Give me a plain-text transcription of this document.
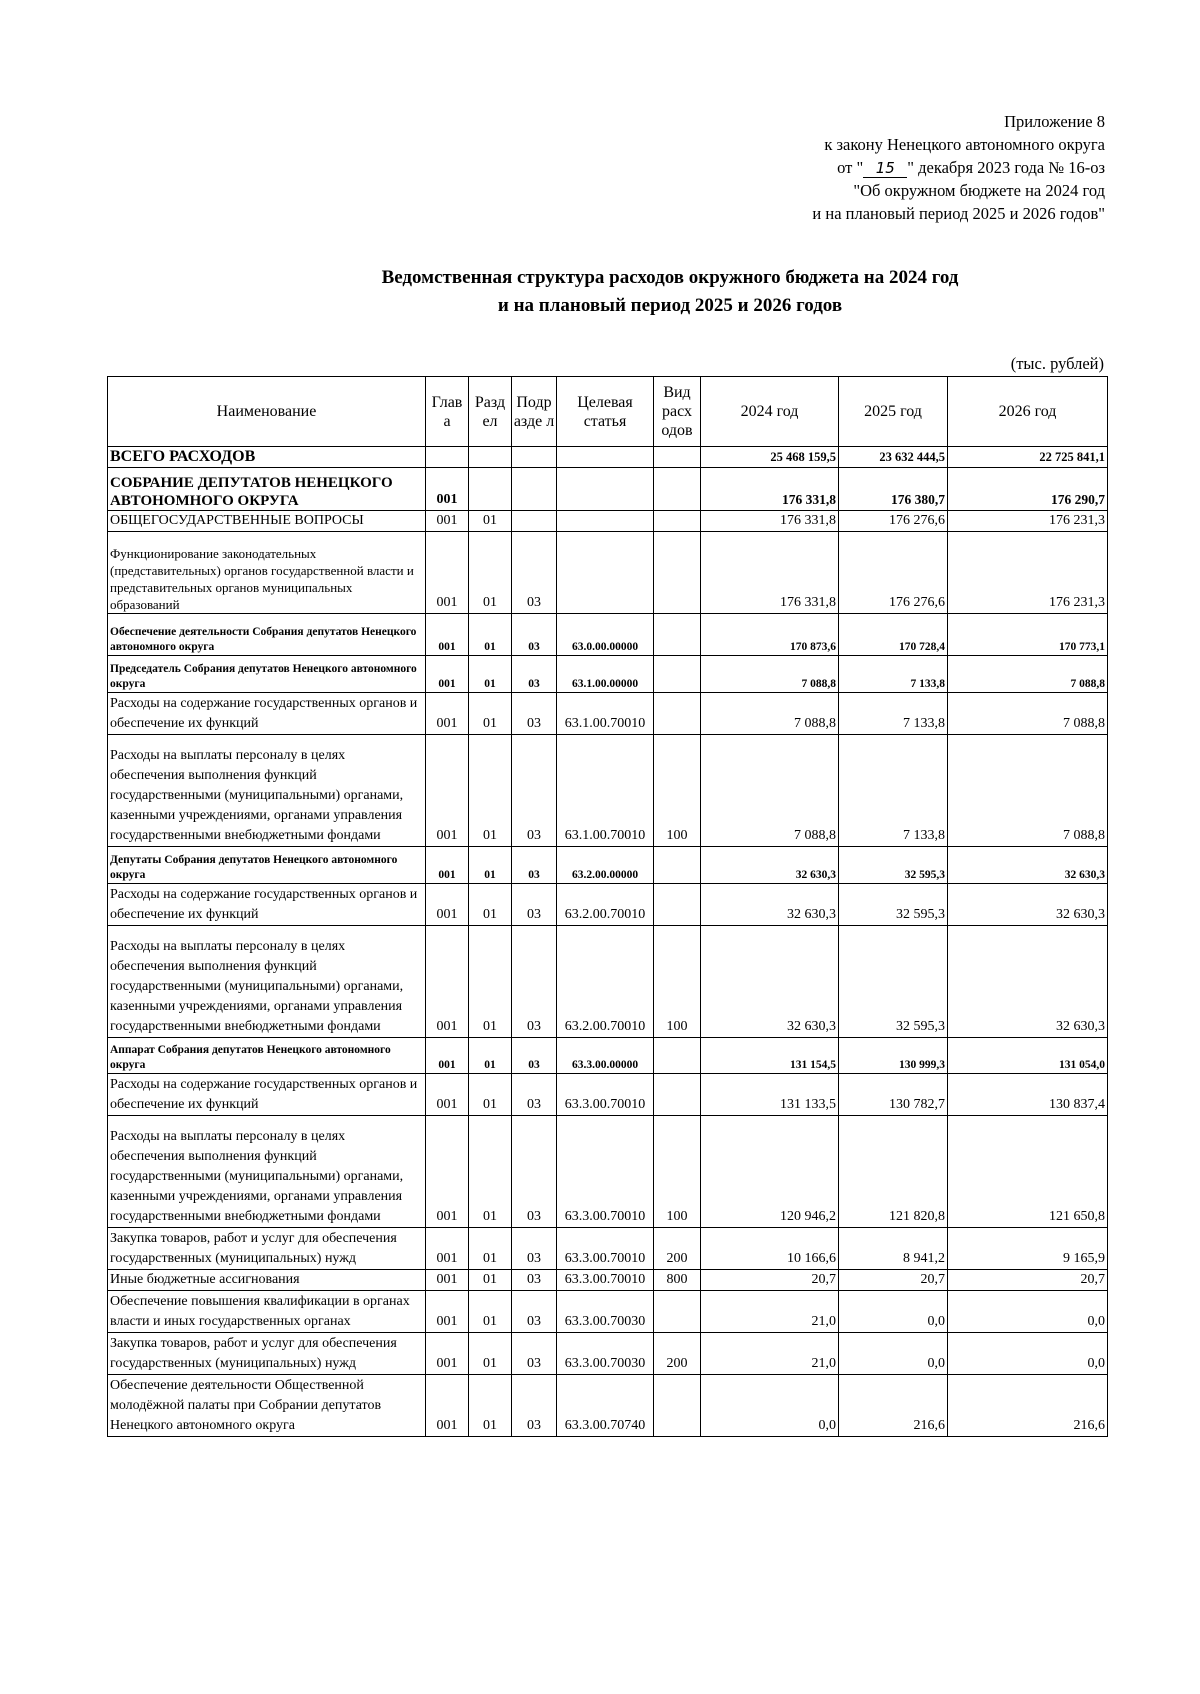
Приложение 8
к закону Ненецкого автономного округа
от " 15 " декабря 2023 года № 16-оз
"Об окружном бюджете на 2024 год
и на плановый период 2025 и 2026 годов"
Ведомственная структура расходов окружного бюджета на 2024 год
и на плановый период 2025 и 2026 годов
(тыс. рублей)
Наименование	Глав а	Разд ел	Подр азде л	Целевая статья	Вид расх одов	2024 год	2025 год	2026 год
ВСЕГО РАСХОДОВ						25 468 159,5	23 632 444,5	22 725 841,1
СОБРАНИЕ ДЕПУТАТОВ НЕНЕЦКОГО АВТОНОМНОГО ОКРУГА	001					176 331,8	176 380,7	176 290,7
ОБЩЕГОСУДАРСТВЕННЫЕ ВОПРОСЫ	001	01				176 331,8	176 276,6	176 231,3
Функционирование законодательных (представительных) органов государственной власти и представительных органов муниципальных образований	001	01	03			176 331,8	176 276,6	176 231,3
Обеспечение деятельности Собрания депутатов Ненецкого автономного округа	001	01	03	63.0.00.00000		170 873,6	170 728,4	170 773,1
Председатель Собрания депутатов Ненецкого автономного округа	001	01	03	63.1.00.00000		7 088,8	7 133,8	7 088,8
Расходы на содержание государственных органов и обеспечение их функций	001	01	03	63.1.00.70010		7 088,8	7 133,8	7 088,8
Расходы на выплаты персоналу в целях обеспечения выполнения функций государственными (муниципальными) органами, казенными учреждениями, органами управления государственными внебюджетными фондами	001	01	03	63.1.00.70010	100	7 088,8	7 133,8	7 088,8
Депутаты Собрания депутатов Ненецкого автономного округа	001	01	03	63.2.00.00000		32 630,3	32 595,3	32 630,3
Расходы на содержание государственных органов и обеспечение их функций	001	01	03	63.2.00.70010		32 630,3	32 595,3	32 630,3
Расходы на выплаты персоналу в целях обеспечения выполнения функций государственными (муниципальными) органами, казенными учреждениями, органами управления государственными внебюджетными фондами	001	01	03	63.2.00.70010	100	32 630,3	32 595,3	32 630,3
Аппарат Собрания депутатов Ненецкого автономного округа	001	01	03	63.3.00.00000		131 154,5	130 999,3	131 054,0
Расходы на содержание государственных органов и обеспечение их функций	001	01	03	63.3.00.70010		131 133,5	130 782,7	130 837,4
Расходы на выплаты персоналу в целях обеспечения выполнения функций государственными (муниципальными) органами, казенными учреждениями, органами управления государственными внебюджетными фондами	001	01	03	63.3.00.70010	100	120 946,2	121 820,8	121 650,8
Закупка товаров, работ и услуг для обеспечения государственных (муниципальных) нужд	001	01	03	63.3.00.70010	200	10 166,6	8 941,2	9 165,9
Иные бюджетные ассигнования	001	01	03	63.3.00.70010	800	20,7	20,7	20,7
Обеспечение повышения квалификации в органах власти и иных государственных органах	001	01	03	63.3.00.70030		21,0	0,0	0,0
Закупка товаров, работ и услуг для обеспечения государственных (муниципальных) нужд	001	01	03	63.3.00.70030	200	21,0	0,0	0,0
Обеспечение деятельности Общественной молодёжной палаты при Собрании депутатов Ненецкого автономного округа	001	01	03	63.3.00.70740		0,0	216,6	216,6
